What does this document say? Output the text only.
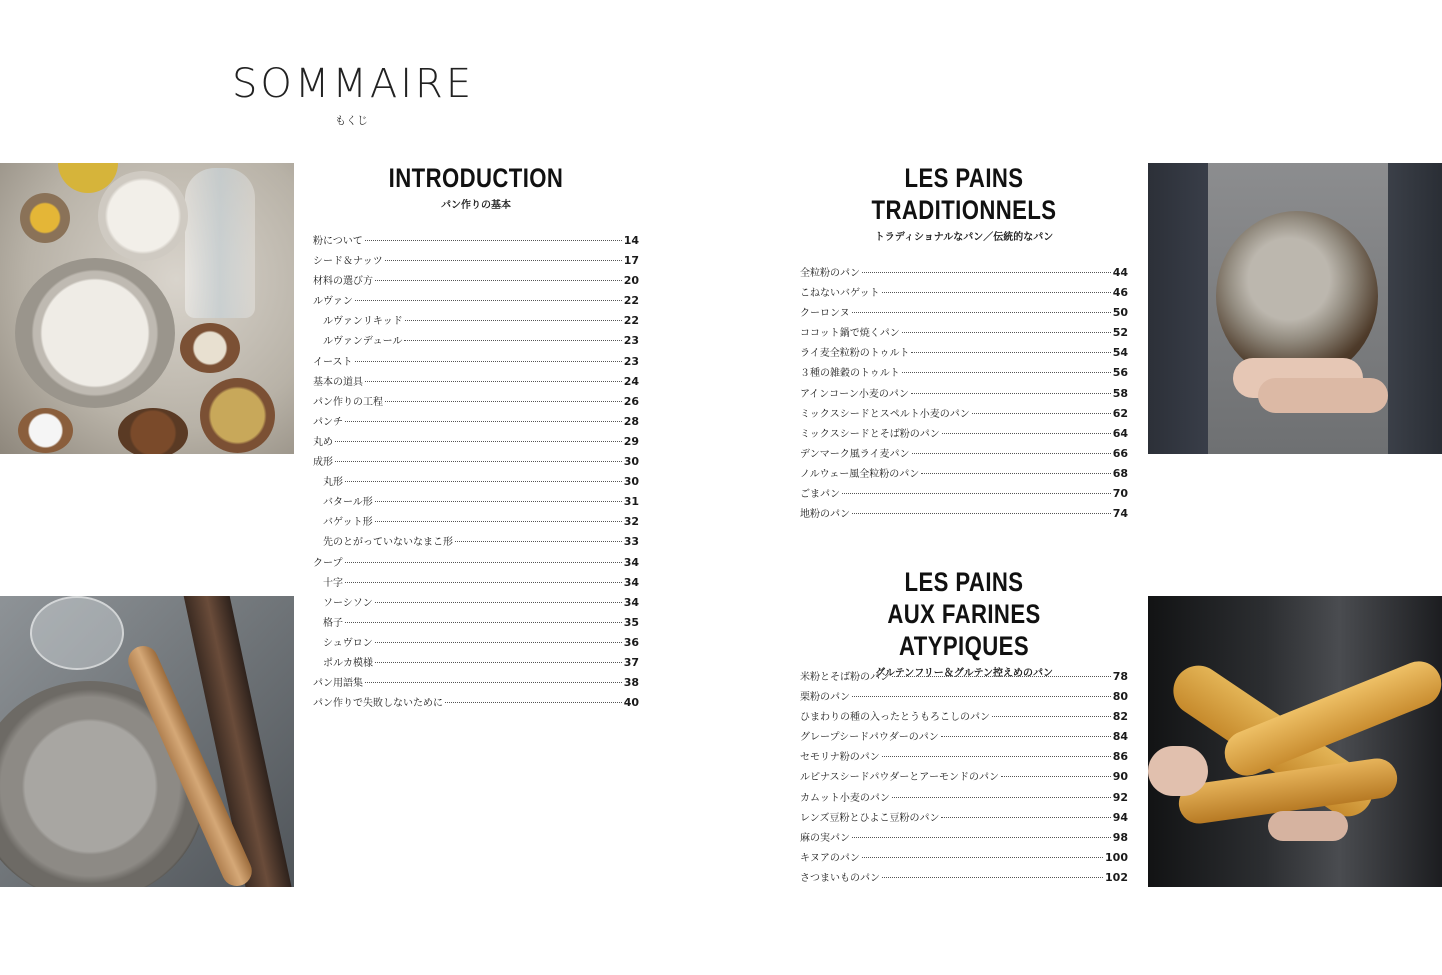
SOMMAIRE
もくじ
INTRODUCTION
パン作りの基本
粉について	14
シード＆ナッツ	17
材料の選び方	20
ルヴァン	22
ルヴァンリキッド	22
ルヴァンデュール	23
イースト	23
基本の道具	24
パン作りの工程	26
パンチ	28
丸め	29
成形	30
丸形	30
バタール形	31
バゲット形	32
先のとがっていないなまこ形	33
クープ	34
十字	34
ソーシソン	34
格子	35
シュヴロン	36
ポルカ模様	37
パン用語集	38
パン作りで失敗しないために	40
LES PAINS
TRADITIONNELS
トラディショナルなパン／伝統的なパン
全粒粉のパン	44
こねないバゲット	46
クーロンヌ	50
ココット鍋で焼くパン	52
ライ麦全粒粉のトゥルト	54
３種の雑穀のトゥルト	56
アインコーン小麦のパン	58
ミックスシードとスペルト小麦のパン	62
ミックスシードとそば粉のパン	64
デンマーク風ライ麦パン	66
ノルウェー風全粒粉のパン	68
ごまパン	70
地粉のパン	74
LES PAINS
AUX FARINES ATYPIQUES
グルテンフリー＆グルテン控えめのパン
米粉とそば粉のパン	78
栗粉のパン	80
ひまわりの種の入ったとうもろこしのパン	82
グレープシードパウダーのパン	84
セモリナ粉のパン	86
ルピナスシードパウダーとアーモンドのパン	90
カムット小麦のパン	92
レンズ豆粉とひよこ豆粉のパン	94
麻の実パン	98
キヌアのパン	100
さつまいものパン	102
